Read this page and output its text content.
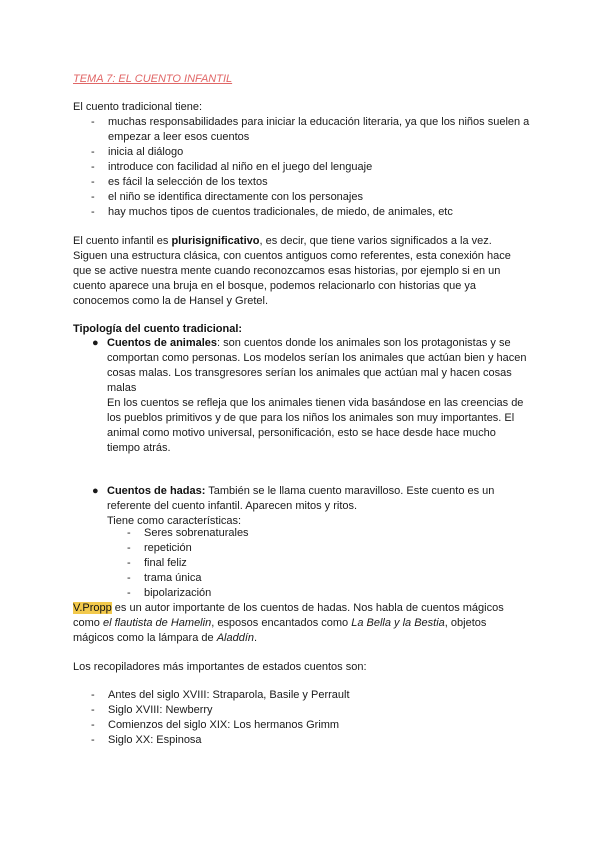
TEMA 7: EL CUENTO INFANTIL
El cuento tradicional tiene:
- muchas responsabilidades para iniciar la educación literaria, ya que los niños suelen a empezar a leer esos cuentos
- inicia al diálogo
- introduce con facilidad al niño en el juego del lenguaje
- es fácil la selección de los textos
- el niño se identifica directamente con los personajes
- hay muchos tipos de cuentos tradicionales, de miedo, de animales, etc
El cuento infantil es plurisignificativo, es decir, que tiene varios significados a la vez. Siguen una estructura clásica, con cuentos antiguos como referentes, esta conexión hace que se active nuestra mente cuando reconozcamos esas historias, por ejemplo si en un cuento aparece una bruja en el bosque, podemos relacionarlo con historias que ya conocemos como la de Hansel y Gretel.
Tipología del cuento tradicional:
● Cuentos de animales: son cuentos donde los animales son los protagonistas y se comportan como personas. Los modelos serían los animales que actúan bien y hacen cosas malas. Los transgresores serían los animales que actúan mal y hacen cosas malas
En los cuentos se refleja que los animales tienen vida basándose en las creencias de los pueblos primitivos y de que para los niños los animales son muy importantes. El animal como motivo universal, personificación, esto se hace desde hace mucho tiempo atrás.
● Cuentos de hadas: También se le llama cuento maravilloso. Este cuento es un referente del cuento infantil. Aparecen mitos y ritos.
Tiene como características:
- Seres sobrenaturales
- repetición
- final feliz
- trama única
- bipolarización
V.Propp es un autor importante de los cuentos de hadas. Nos habla de cuentos mágicos como el flautista de Hamelin, esposos encantados como La Bella y la Bestia, objetos mágicos como la lámpara de Aladdín.
Los recopiladores más importantes de estados cuentos son:
- Antes del siglo XVIII: Straparola, Basile y Perrault
- Siglo XVIII: Newberry
- Comienzos del siglo XIX: Los hermanos Grimm
- Siglo XX: Espinosa
